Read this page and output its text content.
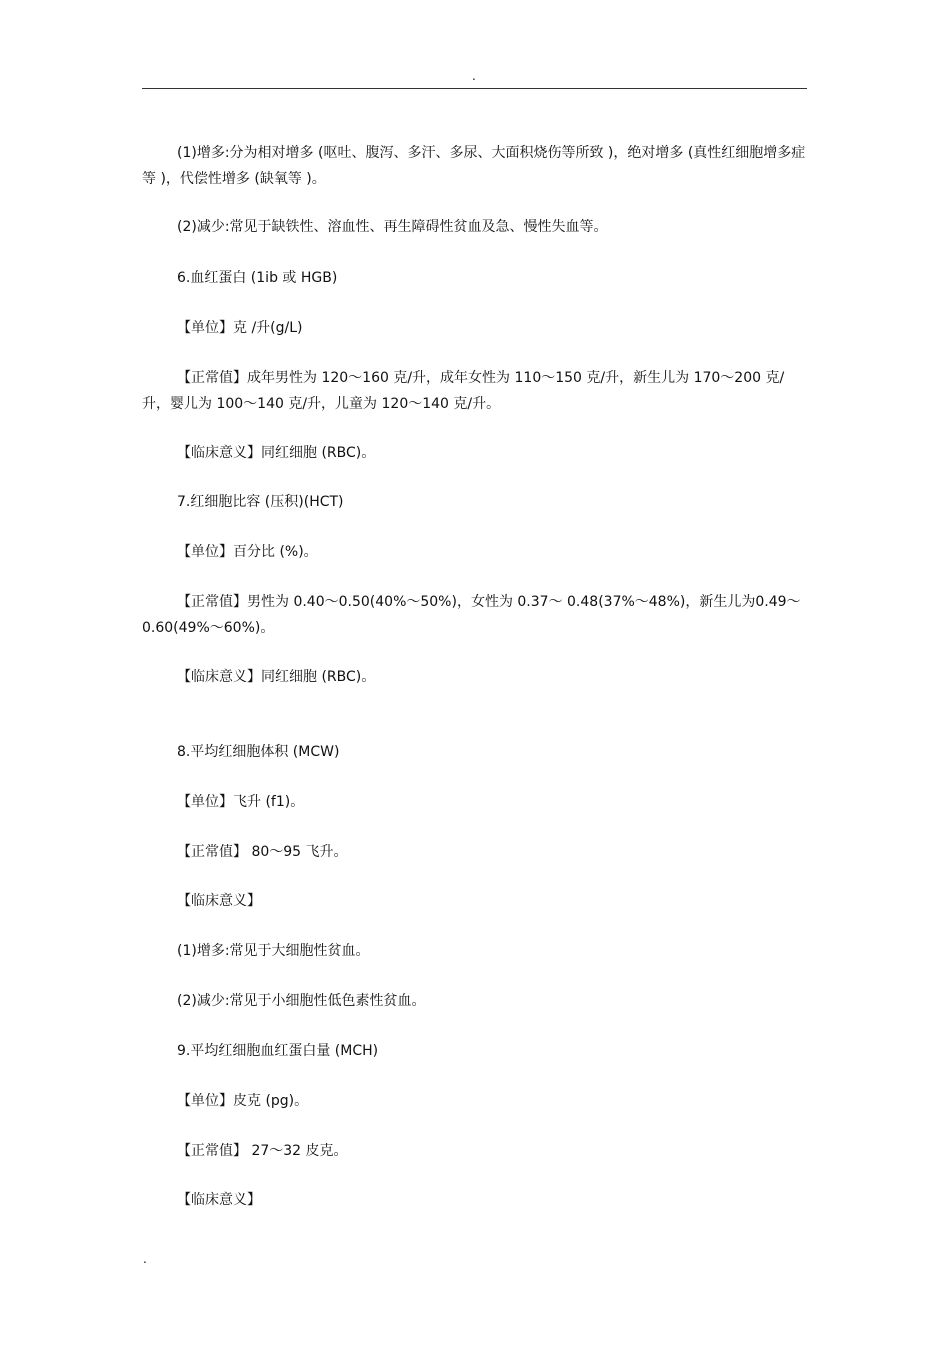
.
(1)增多:分为相对增多 (呕吐、腹泻、多汗、多尿、大面积烧伤等所致 )，绝对增多 (真性红细胞增多症等 )，代偿性增多 (缺氧等 )。
(2)减少:常见于缺铁性、溶血性、再生障碍性贫血及急、慢性失血等。
6.血红蛋白 (1ib 或 HGB)
【单位】克 /升(g/L)
【正常值】成年男性为 120～160 克/升，成年女性为 110～150 克/升，新生儿为 170～200 克/升，婴儿为 100～140 克/升，儿童为 120～140 克/升。
【临床意义】同红细胞 (RBC)。
7.红细胞比容 (压积)(HCT)
【单位】百分比 (%)。
【正常值】男性为 0.40～0.50(40%～50%)，女性为 0.37～ 0.48(37%～48%)，新生儿为0.49～0.60(49%～60%)。
【临床意义】同红细胞 (RBC)。
8.平均红细胞体积 (MCW)
【单位】飞升 (f1)。
【正常值】 80～95 飞升。
【临床意义】
(1)增多:常见于大细胞性贫血。
(2)减少:常见于小细胞性低色素性贫血。
9.平均红细胞血红蛋白量 (MCH)
【单位】皮克 (pg)。
【正常值】 27～32 皮克。
【临床意义】
.
